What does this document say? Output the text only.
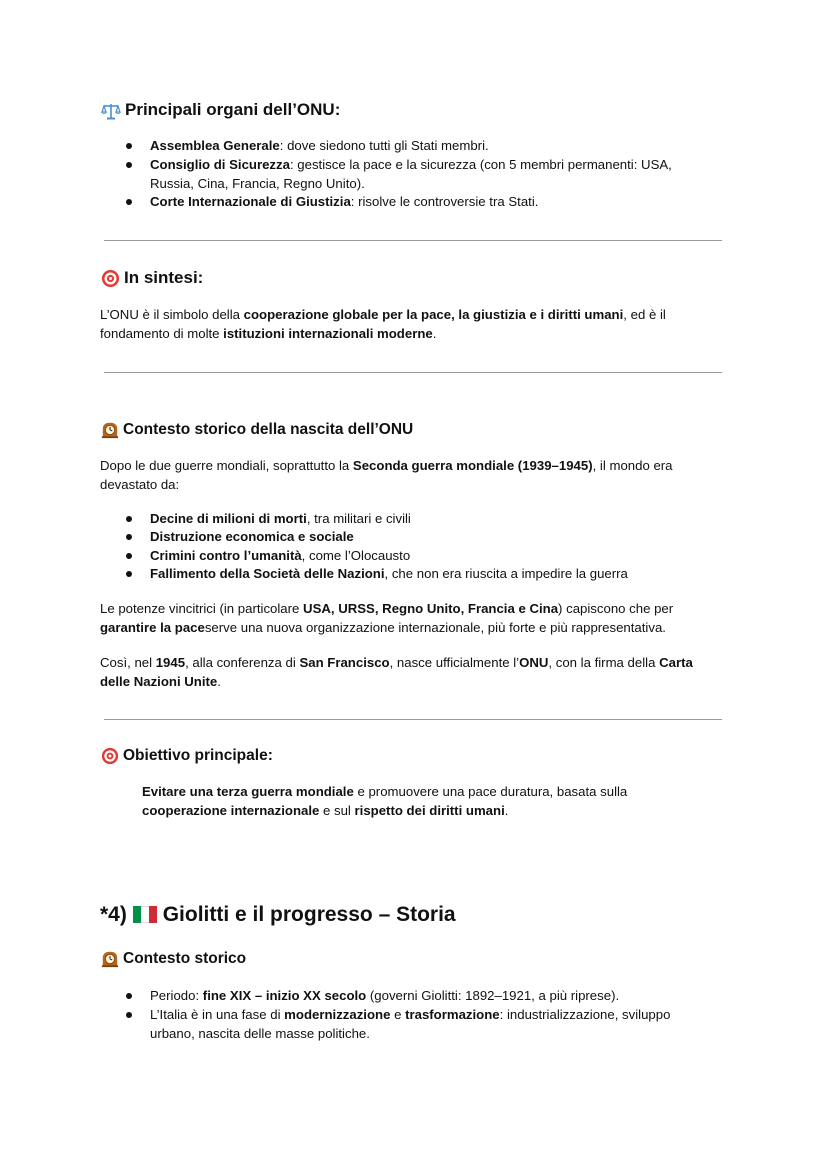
Principali organi dell’ONU:
Assemblea Generale: dove siedono tutti gli Stati membri.
Consiglio di Sicurezza: gestisce la pace e la sicurezza (con 5 membri permanenti: USA,
Russia, Cina, Francia, Regno Unito).
Corte Internazionale di Giustizia: risolve le controversie tra Stati.
In sintesi:
L’ONU è il simbolo della cooperazione globale per la pace, la giustizia e i diritti umani, ed è il
fondamento di molte istituzioni internazionali moderne.
Contesto storico della nascita dell’ONU
Dopo le due guerre mondiali, soprattutto la Seconda guerra mondiale (1939–1945), il mondo era
devastato da:
Decine di milioni di morti, tra militari e civili
Distruzione economica e sociale
Crimini contro l’umanità, come l’Olocausto
Fallimento della Società delle Nazioni, che non era riuscita a impedire la guerra
Le potenze vincitrici (in particolare USA, URSS, Regno Unito, Francia e Cina) capiscono che per
garantire la paceserve una nuova organizzazione internazionale, più forte e più rappresentativa.
Così, nel 1945, alla conferenza di San Francisco, nasce ufficialmente l’ONU, con la firma della Carta
delle Nazioni Unite.
Obiettivo principale:
Evitare una terza guerra mondiale e promuovere una pace duratura, basata sulla
cooperazione internazionale e sul rispetto dei diritti umani.
*4) Giolitti e il progresso – Storia
Contesto storico
Periodo: fine XIX – inizio XX secolo (governi Giolitti: 1892–1921, a più riprese).
L’Italia è in una fase di modernizzazione e trasformazione: industrializzazione, sviluppo
urbano, nascita delle masse politiche.
